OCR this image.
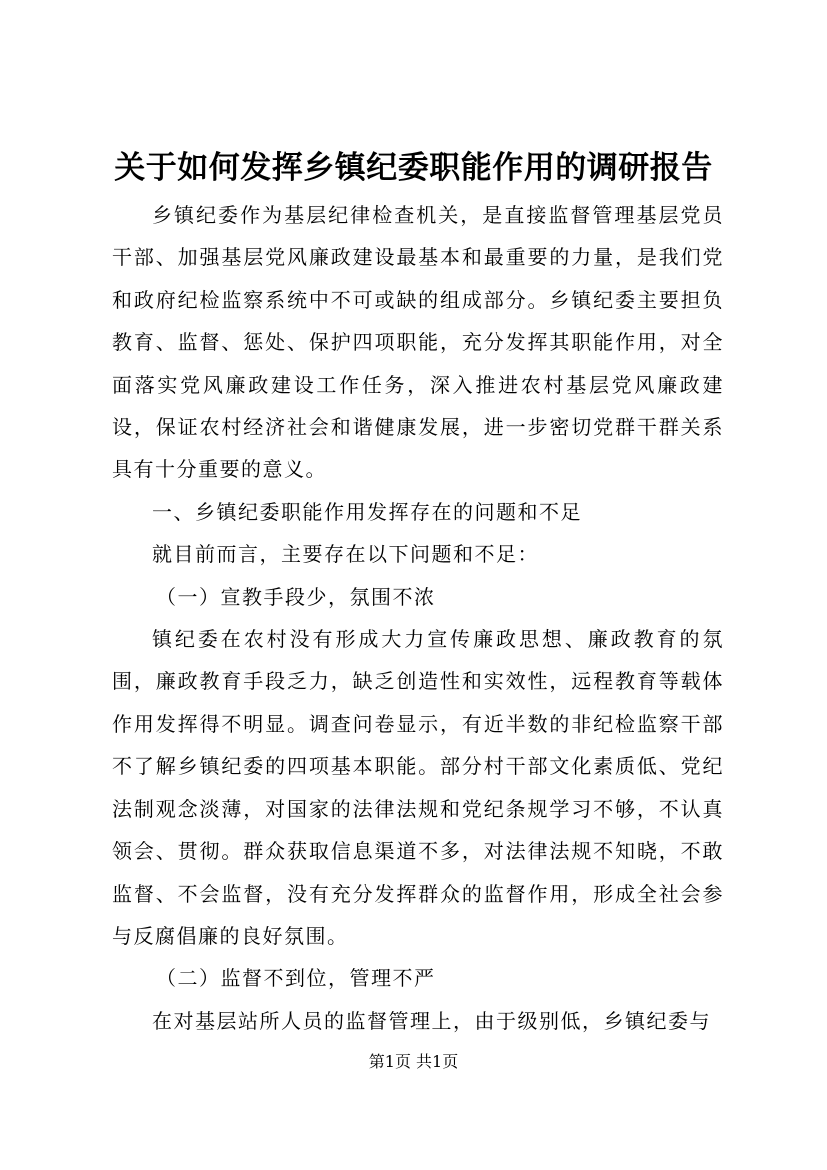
关于如何发挥乡镇纪委职能作用的调研报告

乡镇纪委作为基层纪律检查机关，是直接监督管理基层党员干部、加强基层党风廉政建设最基本和最重要的力量，是我们党和政府纪检监察系统中不可或缺的组成部分。乡镇纪委主要担负教育、监督、惩处、保护四项职能，充分发挥其职能作用，对全面落实党风廉政建设工作任务，深入推进农村基层党风廉政建设，保证农村经济社会和谐健康发展，进一步密切党群干群关系具有十分重要的意义。

一、乡镇纪委职能作用发挥存在的问题和不足

就目前而言，主要存在以下问题和不足：

（一）宣教手段少，氛围不浓

镇纪委在农村没有形成大力宣传廉政思想、廉政教育的氛围，廉政教育手段乏力，缺乏创造性和实效性，远程教育等载体作用发挥得不明显。调查问卷显示，有近半数的非纪检监察干部不了解乡镇纪委的四项基本职能。部分村干部文化素质低、党纪法制观念淡薄，对国家的法律法规和党纪条规学习不够，不认真领会、贯彻。群众获取信息渠道不多，对法律法规不知晓，不敢监督、不会监督，没有充分发挥群众的监督作用，形成全社会参与反腐倡廉的良好氛围。

（二）监督不到位，管理不严

在对基层站所人员的监督管理上，由于级别低，乡镇纪委与

第1页 共1页
